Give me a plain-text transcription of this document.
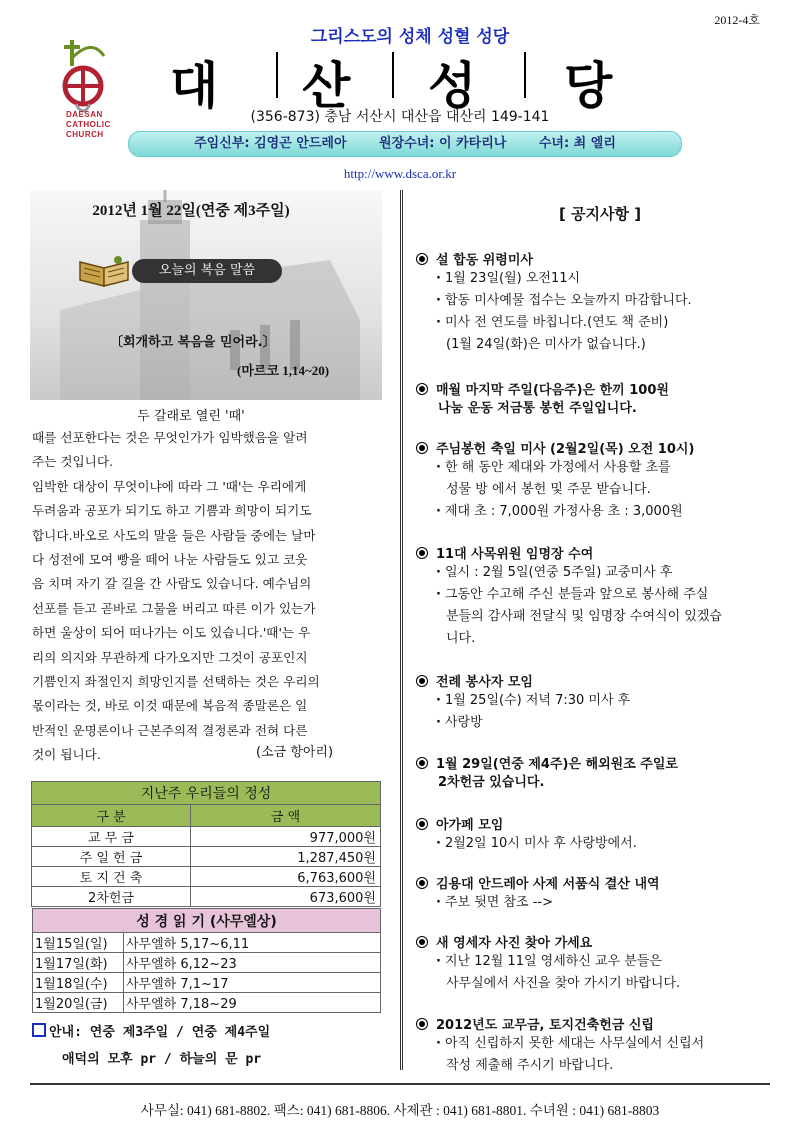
2012-4호
DAESAN
CATHOLIC
CHURCH
그리스도의 성체 성혈 성당
대 산 성 당
(356-873) 충남 서산시 대산읍 대산리 149-141
주임신부: 김영곤 안드레아	원장수녀: 이 카타리나	수녀: 최 엘리
http://www.dsca.or.kr
2012년 1월 22일(연중 제3주일)
오늘의 복음 말씀
〔회개하고 복음을 믿어라.〕
(마르코 1,14~20)
두 갈래로 열린 '때'
때를 선포한다는 것은 무엇인가가 임박했음을 알려
주는 것입니다.
임박한 대상이 무엇이냐에 따라 그 '때'는 우리에게
두려움과 공포가 되기도 하고 기쁨과 희망이 되기도
합니다.바오로 사도의 말을 들은 사람들 중에는 날마
다 성전에 모여 빵을 떼어 나눈 사람들도 있고 코웃
음 치며 자기 갈 길을 간 사람도 있습니다. 예수님의
선포를 듣고 곧바로 그물을 버리고 따른 이가 있는가
하면 울상이 되어 떠나가는 이도 있습니다.'때'는 우
리의 의지와 무관하게 다가오지만 그것이 공포인지
기쁨인지 좌절인지 희망인지를 선택하는 것은 우리의
몫이라는 것, 바로 이것 때문에 복음적 종말론은 일
반적인 운명론이나 근본주의적 결정론과 전혀 다른
것이 됩니다.	(소금 항아리)
지난주 우리들의 정성	
구 분	금 액
교 무 금	977,000원
주 일 헌 금	1,287,450원
토 지 건 축	6,763,600원
2차헌금	673,600원
성 경 읽 기 (사무엘상)	
1월15일(일)	사무엘하 5,17~6,11
1월17일(화)	사무엘하 6,12~23
1월18일(수)	사무엘하 7,1~17
1월20일(금)	사무엘하 7,18~29
안내: 연중 제3주일 / 연중 제4주일
애덕의 모후 pr / 하늘의 문 pr
[ 공지사항 ]
설 합동 위령미사
· 1월 23일(월) 오전11시
· 합동 미사예물 접수는 오늘까지 마감합니다.
· 미사 전 연도를 바칩니다.(연도 책 준비)
(1월 24일(화)은 미사가 없습니다.)
매월 마지막 주일(다음주)은 한끼 100원
나눔 운동 저금통 봉헌 주일입니다.
주님봉헌 축일 미사 (2월2일(목) 오전 10시)
· 한 해 동안 제대와 가정에서 사용할 초를
성물 방 에서 봉헌 및 주문 받습니다.
· 제대 초 : 7,000원 가정사용 초 : 3,000원
11대 사목위원 임명장 수여
· 일시 : 2월 5일(연중 5주일) 교중미사 후
· 그동안 수고해 주신 분들과 앞으로 봉사해 주실
분들의 감사패 전달식 및 임명장 수여식이 있겠습
니다.
전례 봉사자 모임
· 1월 25일(수) 저녁 7:30 미사 후
· 사랑방
1월 29일(연중 제4주)은 해외원조 주일로
2차헌금 있습니다.
아가페 모임
· 2월2일 10시 미사 후 사랑방에서.
김용대 안드레아 사제 서품식 결산 내역
· 주보 뒷면 참조 -->
새 영세자 사진 찾아 가세요
· 지난 12월 11일 영세하신 교우 분들은
사무실에서 사진을 찾아 가시기 바랍니다.
2012년도 교무금, 토지건축헌금 신립
· 아직 신립하지 못한 세대는 사무실에서 신립서
작성 제출해 주시기 바랍니다.
사무실: 041) 681-8802. 팩스: 041) 681-8806. 사제관 : 041) 681-8801. 수녀원 : 041) 681-8803
